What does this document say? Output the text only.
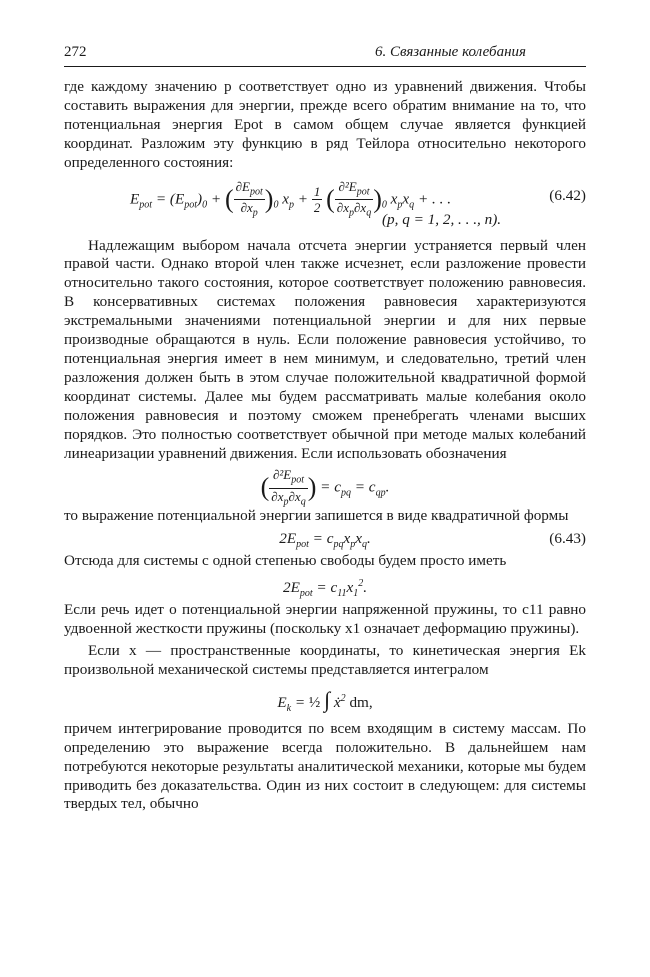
272	6. Связанные колебания

где каждому значению p соответствует одно из уравнений движения. Чтобы составить выражения для энергии, прежде всего обратим внимание на то, что потенциальная энергия Epot в самом общем случае является функцией координат. Разложим эту функцию в ряд Тейлора относительно некоторого определенного состояния:

$E_{pot} = (E_{pot})_0$ + ( $\frac{\partial E_{pot}}{\partial x_p} )_0$ $x_p + \frac{1}{2}$ ( $\frac{\partial^2E_{pot}}{\partial x_p\partial x_q} )_0$ $x_px_q$ + . . .	(6.42)
(p, q = 1, 2, . . ., n).

Надлежащим выбором начала отсчета энергии устраняется первый член правой части. Однако второй член также исчезнет, если разложение провести относительно такого состояния, которое соответствует положению равновесия. В консервативных системах положения равновесия характеризуются экстремальными значениями потенциальной энергии и для них первые производные обращаются в нуль. Если положение равновесия устойчиво, то потенциальная энергия имеет в нем минимум, и следовательно, третий член разложения должен быть в этом случае положительной квадратичной формой координат системы. Далее мы будем рассматривать малые колебания около положения равновесия и поэтому сможем пренебрегать членами высших порядков. Это полностью соответствует обычной при методе малых колебаний линеаризации уравнений движения. Если использовать обозначения

( $\frac{\partial^2E_{pot}}{\partial x_p\partial x_q}$ ) = $c_{pq} = c_{qp}$.

то выражение потенциальной энергии запишется в виде квадратичной формы

$2E_{pot} = c_{pq}x_px_q$.	(6.43)

Отсюда для системы с одной степенью свободы будем просто иметь

$2E_{pot} = c_{11}x_1^2$.

Если речь идет о потенциальной энергии напряженной пружины, то c11 равно удвоенной жесткости пружины (поскольку x1 означает деформацию пружины).

Если x — пространственные координаты, то кинетическая энергия Ek произвольной механической системы представляется интегралом

$E_k$ = ½ ∫ ẋ$^2$ dm,

причем интегрирование проводится по всем входящим в систему массам. По определению это выражение всегда положительно. В дальнейшем нам потребуются некоторые результаты аналитической механики, которые мы будем приводить без доказательства. Один из них состоит в следующем: для системы твердых тел, обычно
